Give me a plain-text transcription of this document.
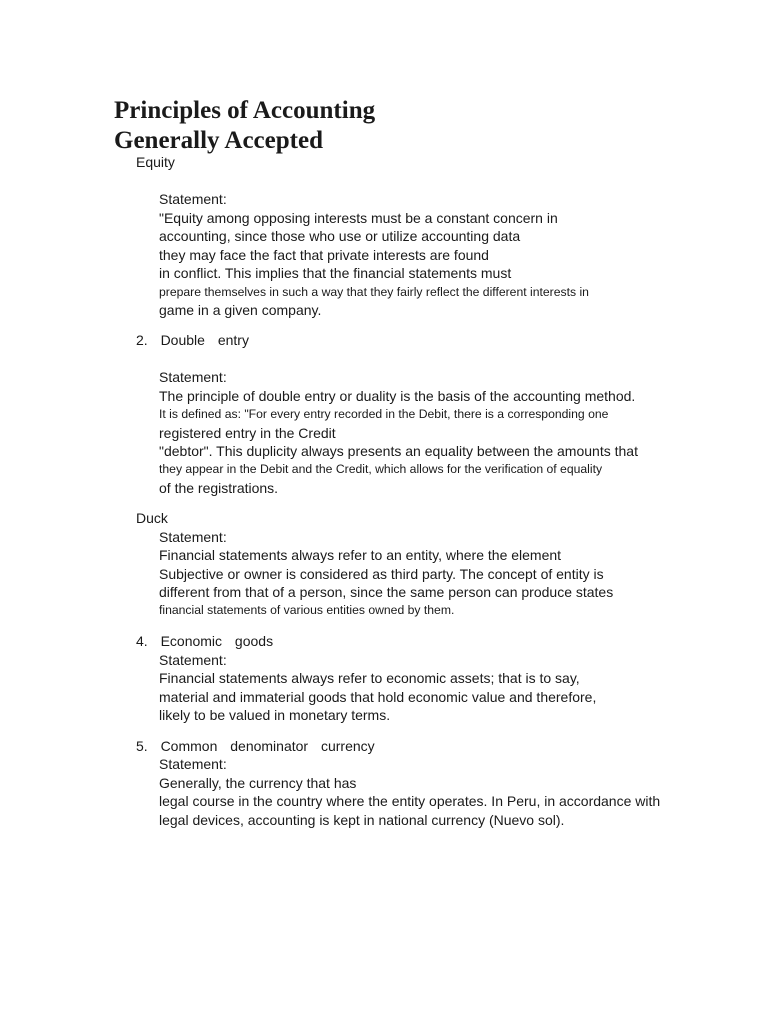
Principles of Accounting
Generally Accepted
Equity
Statement:
"Equity among opposing interests must be a constant concern in
accounting, since those who use or utilize accounting data
they may face the fact that private interests are found
in conflict. This implies that the financial statements must
prepare themselves in such a way that they fairly reflect the different interests in
game in a given company.
2. Double entry
Statement:
The principle of double entry or duality is the basis of the accounting method.
It is defined as: "For every entry recorded in the Debit, there is a corresponding one
registered entry in the Credit
"debtor". This duplicity always presents an equality between the amounts that
they appear in the Debit and the Credit, which allows for the verification of equality
of the registrations.
Duck
Statement:
Financial statements always refer to an entity, where the element
Subjective or owner is considered as third party. The concept of entity is
different from that of a person, since the same person can produce states
financial statements of various entities owned by them.
4. Economic goods
Statement:
Financial statements always refer to economic assets; that is to say,
material and immaterial goods that hold economic value and therefore,
likely to be valued in monetary terms.
5. Common denominator currency
Statement:
Generally, the currency that has
legal course in the country where the entity operates. In Peru, in accordance with
legal devices, accounting is kept in national currency (Nuevo sol).
